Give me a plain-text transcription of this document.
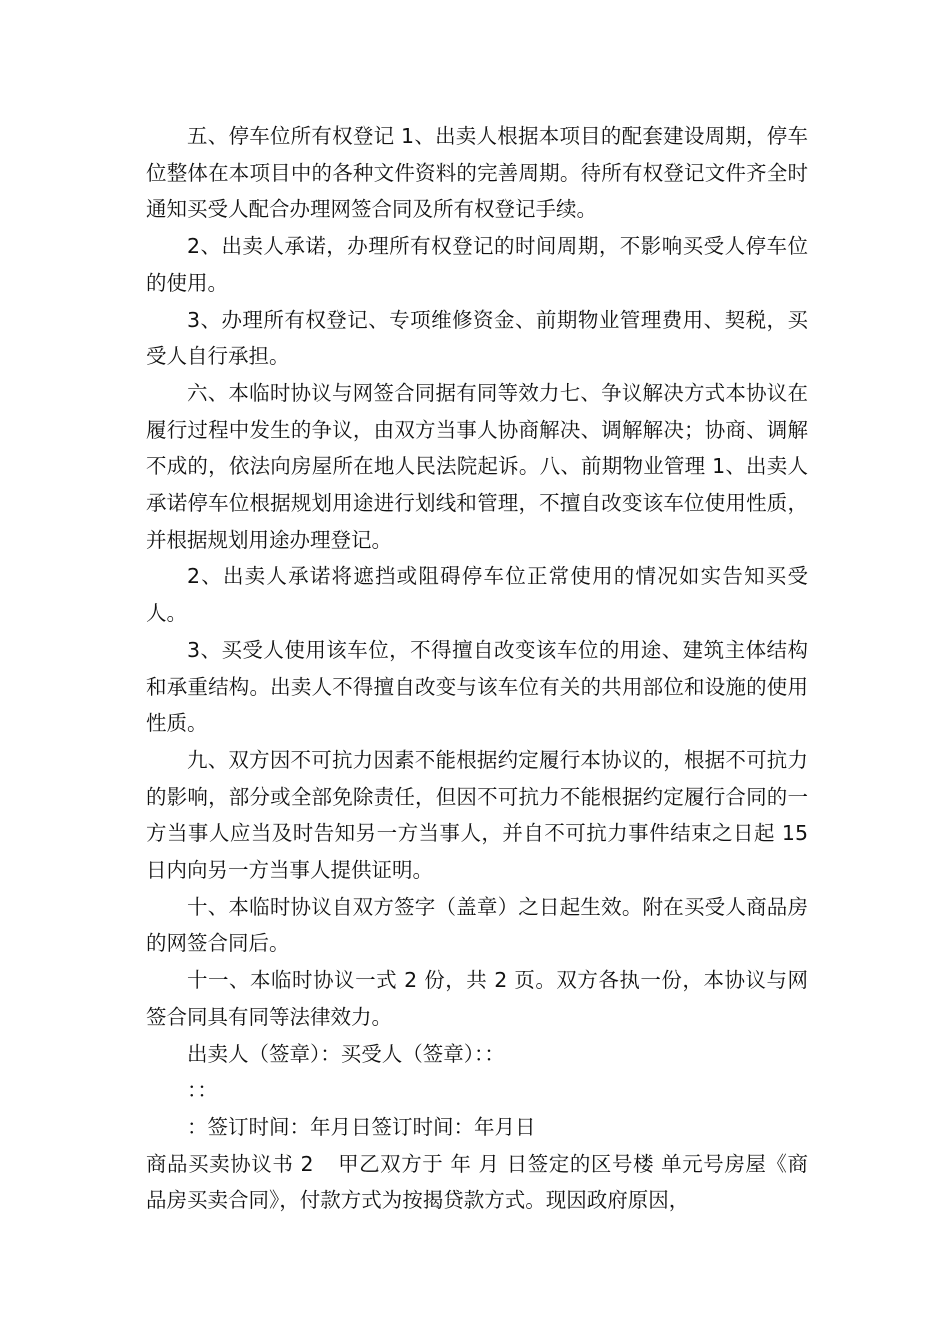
五、停车位所有权登记 1、出卖人根据本项目的配套建设周期，停车位整体在本项目中的各种文件资料的完善周期。待所有权登记文件齐全时通知买受人配合办理网签合同及所有权登记手续。

2、出卖人承诺，办理所有权登记的时间周期，不影响买受人停车位的使用。

3、办理所有权登记、专项维修资金、前期物业管理费用、契税，买受人自行承担。

六、本临时协议与网签合同据有同等效力七、争议解决方式本协议在履行过程中发生的争议，由双方当事人协商解决、调解解决；协商、调解不成的，依法向房屋所在地人民法院起诉。八、前期物业管理 1、出卖人承诺停车位根据规划用途进行划线和管理，不擅自改变该车位使用性质，并根据规划用途办理登记。

2、出卖人承诺将遮挡或阻碍停车位正常使用的情况如实告知买受人。

3、买受人使用该车位，不得擅自改变该车位的用途、建筑主体结构和承重结构。出卖人不得擅自改变与该车位有关的共用部位和设施的使用性质。

九、双方因不可抗力因素不能根据约定履行本协议的，根据不可抗力的影响，部分或全部免除责任，但因不可抗力不能根据约定履行合同的一方当事人应当及时告知另一方当事人，并自不可抗力事件结束之日起 15 日内向另一方当事人提供证明。

十、本临时协议自双方签字（盖章）之日起生效。附在买受人商品房的网签合同后。

十一、本临时协议一式 2 份，共 2 页。双方各执一份，本协议与网签合同具有同等法律效力。

出卖人（签章）：买受人（签章）：：

：：

：签订时间：年月日签订时间：年月日

商品买卖协议书 2 甲乙双方于 年 月 日签定的区号楼 单元号房屋《商品房买卖合同》，付款方式为按揭贷款方式。现因政府原因，
